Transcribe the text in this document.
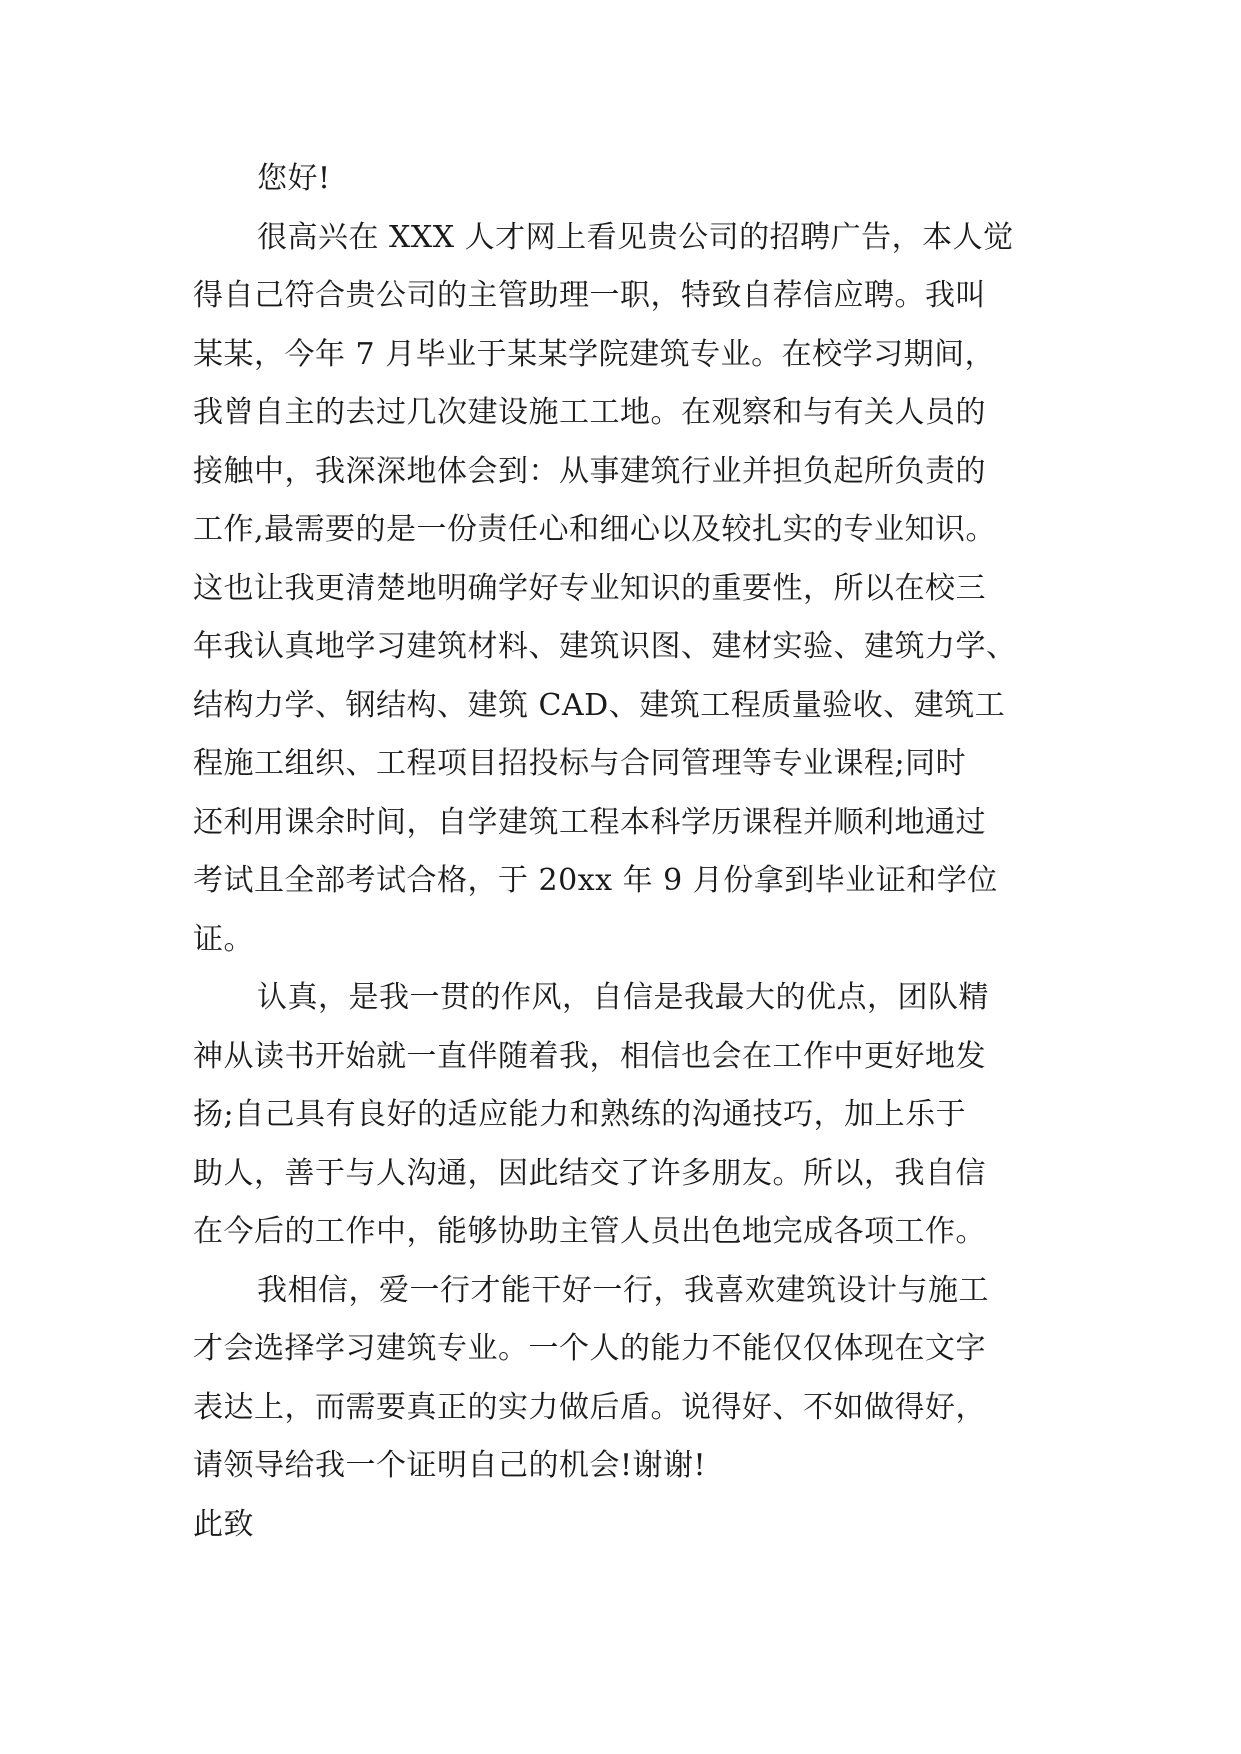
您好!
很高兴在 XXX 人才网上看见贵公司的招聘广告，本人觉
得自己符合贵公司的主管助理一职，特致自荐信应聘。我叫
某某，今年 7 月毕业于某某学院建筑专业。在校学习期间，
我曾自主的去过几次建设施工工地。在观察和与有关人员的
接触中，我深深地体会到：从事建筑行业并担负起所负责的
工作,最需要的是一份责任心和细心以及较扎实的专业知识。
这也让我更清楚地明确学好专业知识的重要性，所以在校三
年我认真地学习建筑材料、建筑识图、建材实验、建筑力学、
结构力学、钢结构、建筑 CAD、建筑工程质量验收、建筑工
程施工组织、工程项目招投标与合同管理等专业课程;同时
还利用课余时间，自学建筑工程本科学历课程并顺利地通过
考试且全部考试合格，于 20xx 年 9 月份拿到毕业证和学位
证。
认真，是我一贯的作风，自信是我最大的优点，团队精
神从读书开始就一直伴随着我，相信也会在工作中更好地发
扬;自己具有良好的适应能力和熟练的沟通技巧，加上乐于
助人，善于与人沟通，因此结交了许多朋友。所以，我自信
在今后的工作中，能够协助主管人员出色地完成各项工作。
我相信，爱一行才能干好一行，我喜欢建筑设计与施工
才会选择学习建筑专业。一个人的能力不能仅仅体现在文字
表达上，而需要真正的实力做后盾。说得好、不如做得好，
请领导给我一个证明自己的机会!谢谢!
此致
